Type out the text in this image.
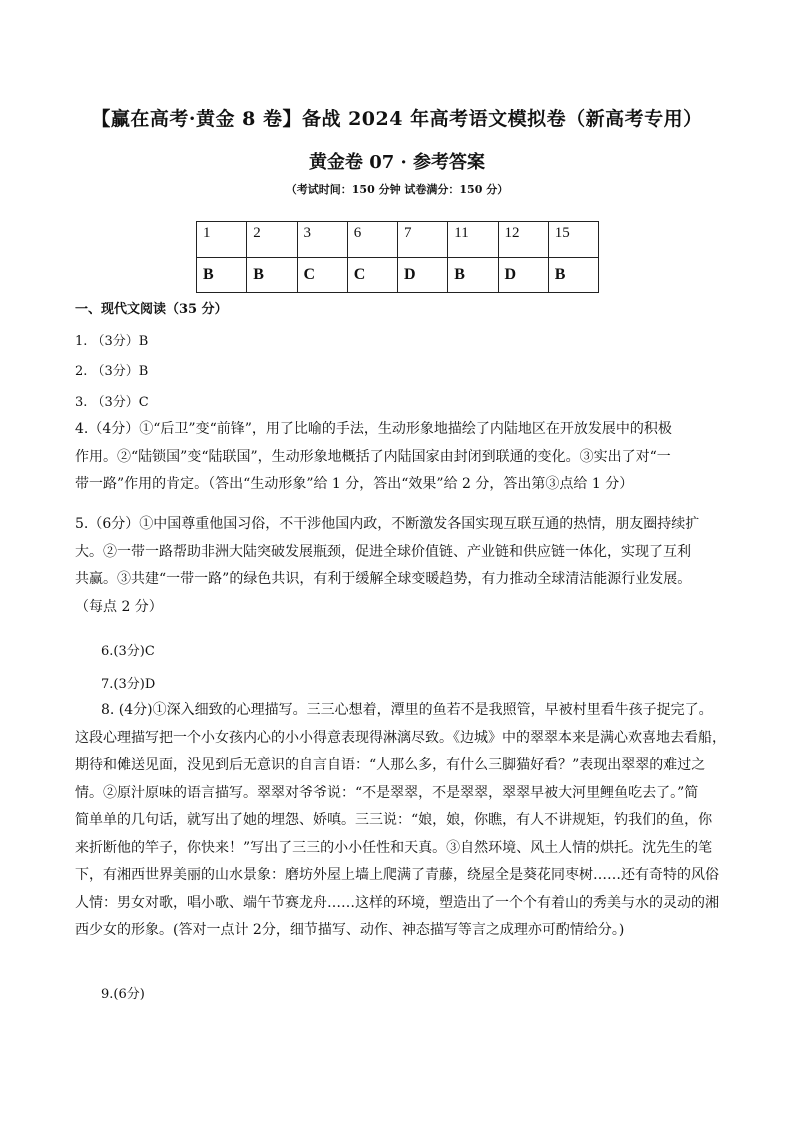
【赢在高考·黄金 8 卷】备战 2024 年高考语文模拟卷（新高考专用）
黄金卷 07 · 参考答案
（考试时间：150 分钟 试卷满分：150 分）
1	2	3	6	7	11	12	15
B	B	C	C	D	B	D	B
一、现代文阅读（35 分）
1. （3分）B
2. （3分）B
3. （3分）C
4.（4分）①“后卫”变“前锋”，用了比喻的手法，生动形象地描绘了内陆地区在开放发展中的积极
作用。②“陆锁国”变“陆联国”，生动形象地概括了内陆国家由封闭到联通的变化。③实出了对“一
带一路”作用的肯定。（答出“生动形象”给 1 分，答出“效果”给 2 分，答出第③点给 1 分）
5.（6分）①中国尊重他国习俗，不干涉他国内政，不断激发各国实现互联互通的热情，朋友圈持续扩
大。②一带一路帮助非洲大陆突破发展瓶颈，促进全球价值链、产业链和供应链一体化，实现了互利
共赢。③共建“一带一路”的绿色共识，有利于缓解全球变暖趋势，有力推动全球清洁能源行业发展。
（每点 2 分）
6.(3分)C
7.(3分)D
8. (4分)①深入细致的心理描写。三三心想着，潭里的鱼若不是我照管，早被村里看牛孩子捉完了。
这段心理描写把一个小女孩内心的小小得意表现得淋漓尽致。《边城》中的翠翠本来是满心欢喜地去看船，
期待和傩送见面，没见到后无意识的自言自语：“人那么多，有什么三脚猫好看？”表现出翠翠的难过之
情。②原汁原味的语言描写。翠翠对爷爷说：“不是翠翠，不是翠翠，翠翠早被大河里鲤鱼吃去了。”简
简单单的几句话，就写出了她的埋怨、娇嗔。三三说：“娘，娘，你瞧，有人不讲规矩，钓我们的鱼，你
来折断他的竿子，你快来！”写出了三三的小小任性和天真。③自然环境、风土人情的烘托。沈先生的笔
下，有湘西世界美丽的山水景象：磨坊外屋上墙上爬满了青藤，绕屋全是葵花同枣树……还有奇特的风俗
人情：男女对歌，唱小歌、端午节赛龙舟……这样的环境，塑造出了一个个有着山的秀美与水的灵动的湘
西少女的形象。(答对一点计 2分，细节描写、动作、神态描写等言之成理亦可酌情给分。)
9.(6分)
